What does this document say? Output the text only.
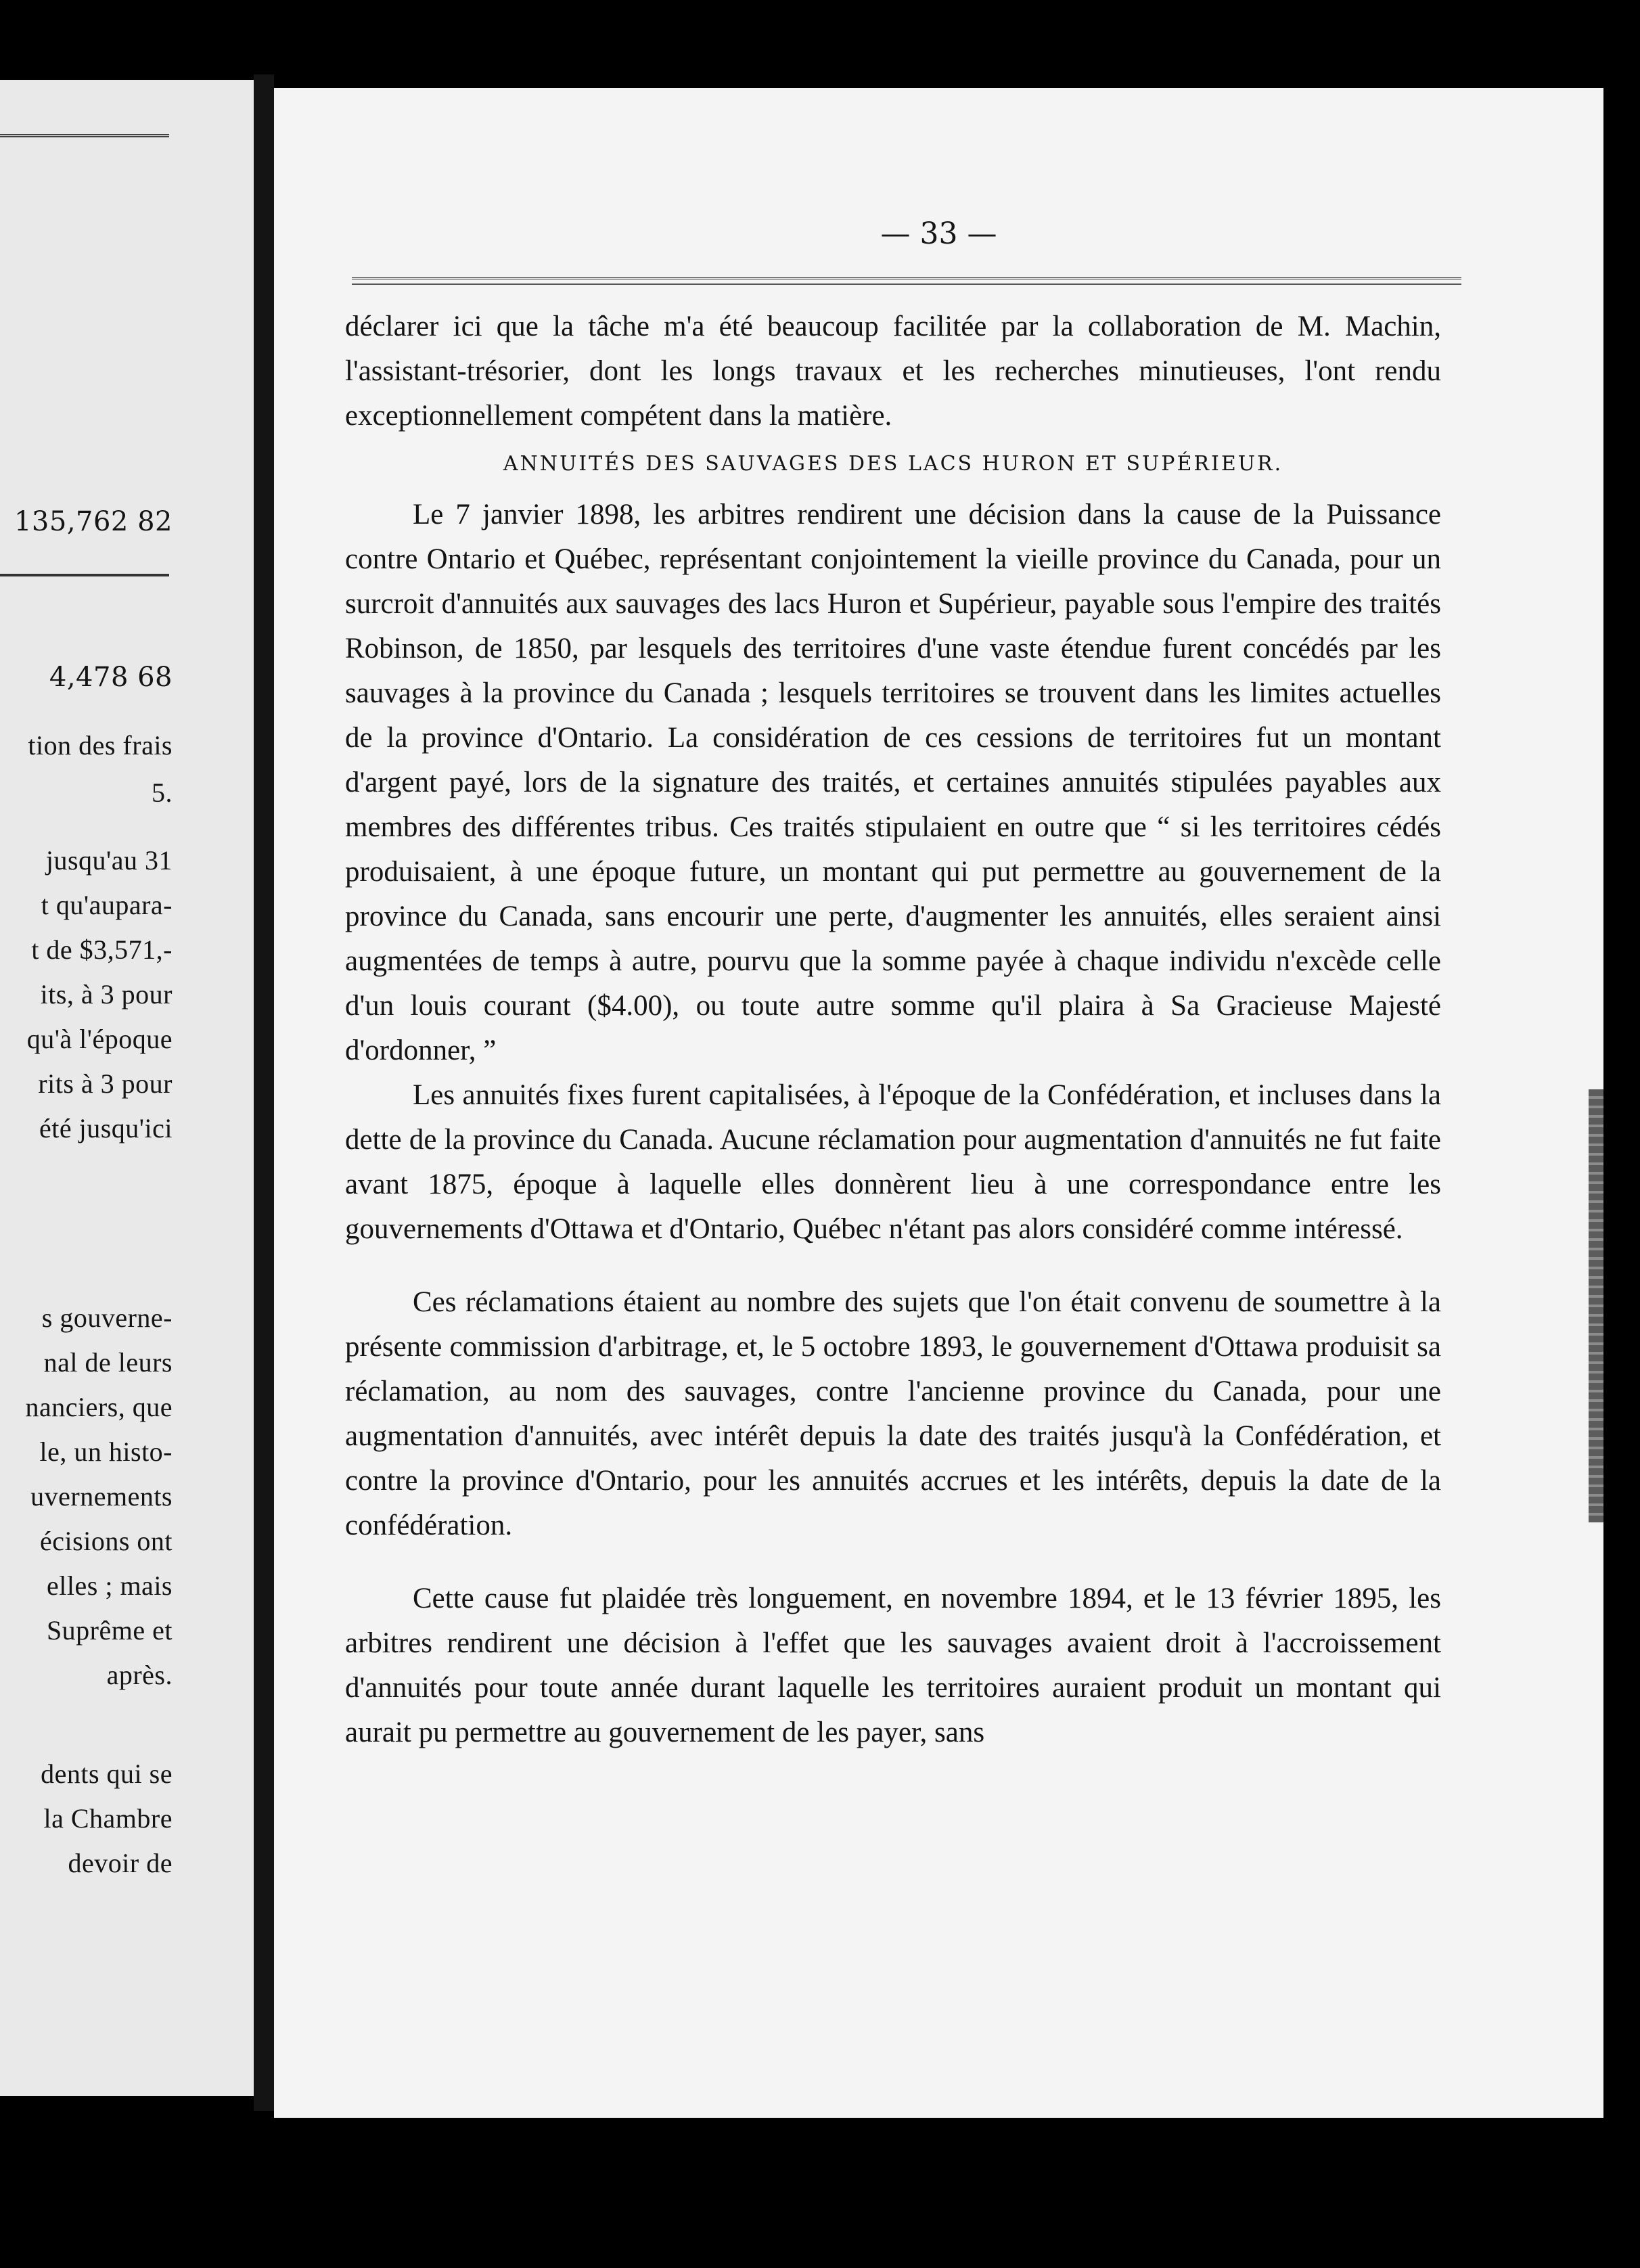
135,762 82
4,478 68
tion des frais
5.
jusqu'au 31
t qu'aupara-
t de $3,571,-
its, à 3 pour
qu'à l'époque
rits à 3 pour
été jusqu'ici
s gouverne-
nal de leurs
nanciers, que
le, un histo-
uvernements
écisions ont
elles ; mais
Suprême et
après.
dents qui se
la Chambre
devoir de
— 33 —

déclarer ici que la tâche m'a été beaucoup facilitée par la collaboration de M. Machin, l'assistant-trésorier, dont les longs travaux et les recherches minutieuses, l'ont rendu exceptionnellement compétent dans la matière.

ANNUITÉS DES SAUVAGES DES LACS HURON ET SUPÉRIEUR.

Le 7 janvier 1898, les arbitres rendirent une décision dans la cause de la Puissance contre Ontario et Québec, représentant conjointement la vieille province du Canada, pour un surcroit d'annuités aux sauvages des lacs Huron et Supérieur, payable sous l'empire des traités Robinson, de 1850, par lesquels des territoires d'une vaste étendue furent concédés par les sauvages à la province du Canada ; lesquels territoires se trouvent dans les limites actuelles de la province d'Ontario. La considération de ces cessions de territoires fut un montant d'argent payé, lors de la signature des traités, et certaines annuités stipulées payables aux membres des différentes tribus. Ces traités stipulaient en outre que “ si les territoires cédés produisaient, à une époque future, un montant qui put permettre au gouvernement de la province du Canada, sans encourir une perte, d'augmenter les annuités, elles seraient ainsi augmentées de temps à autre, pourvu que la somme payée à chaque individu n'excède celle d'un louis courant ($4.00), ou toute autre somme qu'il plaira à Sa Gracieuse Majesté d'ordonner, ”

Les annuités fixes furent capitalisées, à l'époque de la Confédération, et incluses dans la dette de la province du Canada. Aucune réclamation pour augmentation d'annuités ne fut faite avant 1875, époque à laquelle elles donnèrent lieu à une correspondance entre les gouvernements d'Ottawa et d'Ontario, Québec n'étant pas alors considéré comme intéressé.

Ces réclamations étaient au nombre des sujets que l'on était convenu de soumettre à la présente commission d'arbitrage, et, le 5 octobre 1893, le gouvernement d'Ottawa produisit sa réclamation, au nom des sauvages, contre l'ancienne province du Canada, pour une augmentation d'annuités, avec intérêt depuis la date des traités jusqu'à la Confédération, et contre la province d'Ontario, pour les annuités accrues et les intérêts, depuis la date de la confédération.

Cette cause fut plaidée très longuement, en novembre 1894, et le 13 février 1895, les arbitres rendirent une décision à l'effet que les sauvages avaient droit à l'accroissement d'annuités pour toute année durant laquelle les territoires auraient produit un montant qui aurait pu permettre au gouvernement de les payer, sans
